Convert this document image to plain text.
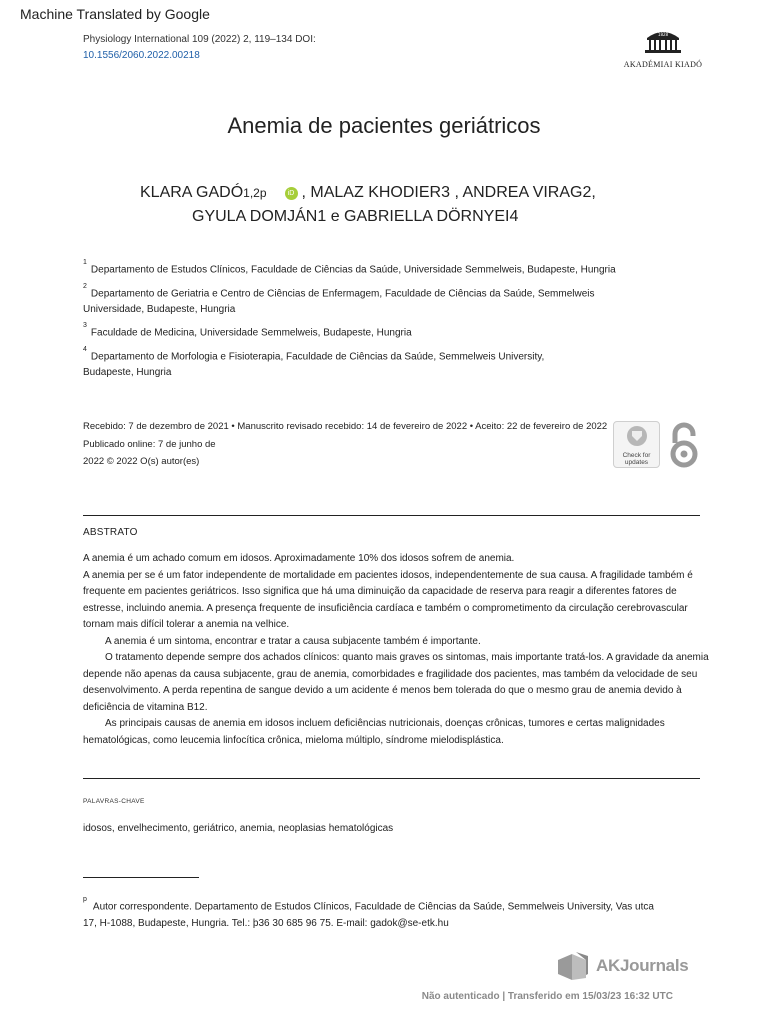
Machine Translated by Google
Physiology International 109 (2022) 2, 119–134 DOI:
10.1556/2060.2022.00218
1828
AKADÉMIAI KIADÓ
Anemia de pacientes geriátricos
KLARA GADÓ1,2p	iD , MALAZ KHODIER3 , ANDREA VIRAG2,
GYULA DOMJÁN1 e GABRIELLA DÖRNYEI4
$^1$Departamento de Estudos Clínicos, Faculdade de Ciências da Saúde, Universidade Semmelweis, Budapeste, Hungria
$^2$Departamento de Geriatria e Centro de Ciências de Enfermagem, Faculdade de Ciências da Saúde, Semmelweis
Universidade, Budapeste, Hungria
$^3$Faculdade de Medicina, Universidade Semmelweis, Budapeste, Hungria
$^4$Departamento de Morfologia e Fisioterapia, Faculdade de Ciências da Saúde, Semmelweis University,
Budapeste, Hungria
Recebido: 7 de dezembro de 2021 • Manuscrito revisado recebido: 14 de fevereiro de 2022 • Aceito: 22 de fevereiro de 2022
Publicado online: 7 de junho de
2022 © 2022 O(s) autor(es)
Check for
updates
ABSTRATO

A anemia é um achado comum em idosos. Aproximadamente 10% dos idosos sofrem de anemia.

A anemia per se é um fator independente de mortalidade em pacientes idosos, independentemente de sua causa. A fragilidade também é frequente em pacientes geriátricos. Isso significa que há uma diminuição da capacidade de reserva para reagir a diferentes fatores de estresse, incluindo anemia. A presença frequente de insuficiência cardíaca e também o comprometimento da circulação cerebrovascular tornam mais difícil tolerar a anemia na velhice.

A anemia é um sintoma, encontrar e tratar a causa subjacente também é importante.

O tratamento depende sempre dos achados clínicos: quanto mais graves os sintomas, mais importante tratá-los. A gravidade da anemia depende não apenas da causa subjacente, grau de anemia, comorbidades e fragilidade dos pacientes, mas também da velocidade de seu desenvolvimento. A perda repentina de sangue devido a um acidente é menos bem tolerada do que o mesmo grau de anemia devido à deficiência de vitamina B12.

As principais causas de anemia em idosos incluem deficiências nutricionais, doenças crônicas, tumores e certas malignidades hematológicas, como leucemia linfocítica crônica, mieloma múltiplo, síndrome mielodisplástica.

PALAVRAS-CHAVE
idosos, envelhecimento, geriátrico, anemia, neoplasias hematológicas
$^p$Autor correspondente. Departamento de Estudos Clínicos, Faculdade de Ciências da Saúde, Semmelweis University, Vas utca
17, H-1088, Budapeste, Hungria. Tel.: þ36 30 685 96 75. E-mail: gadok@se-etk.hu
AKJournals
Não autenticado | Transferido em 15/03/23 16:32 UTC
